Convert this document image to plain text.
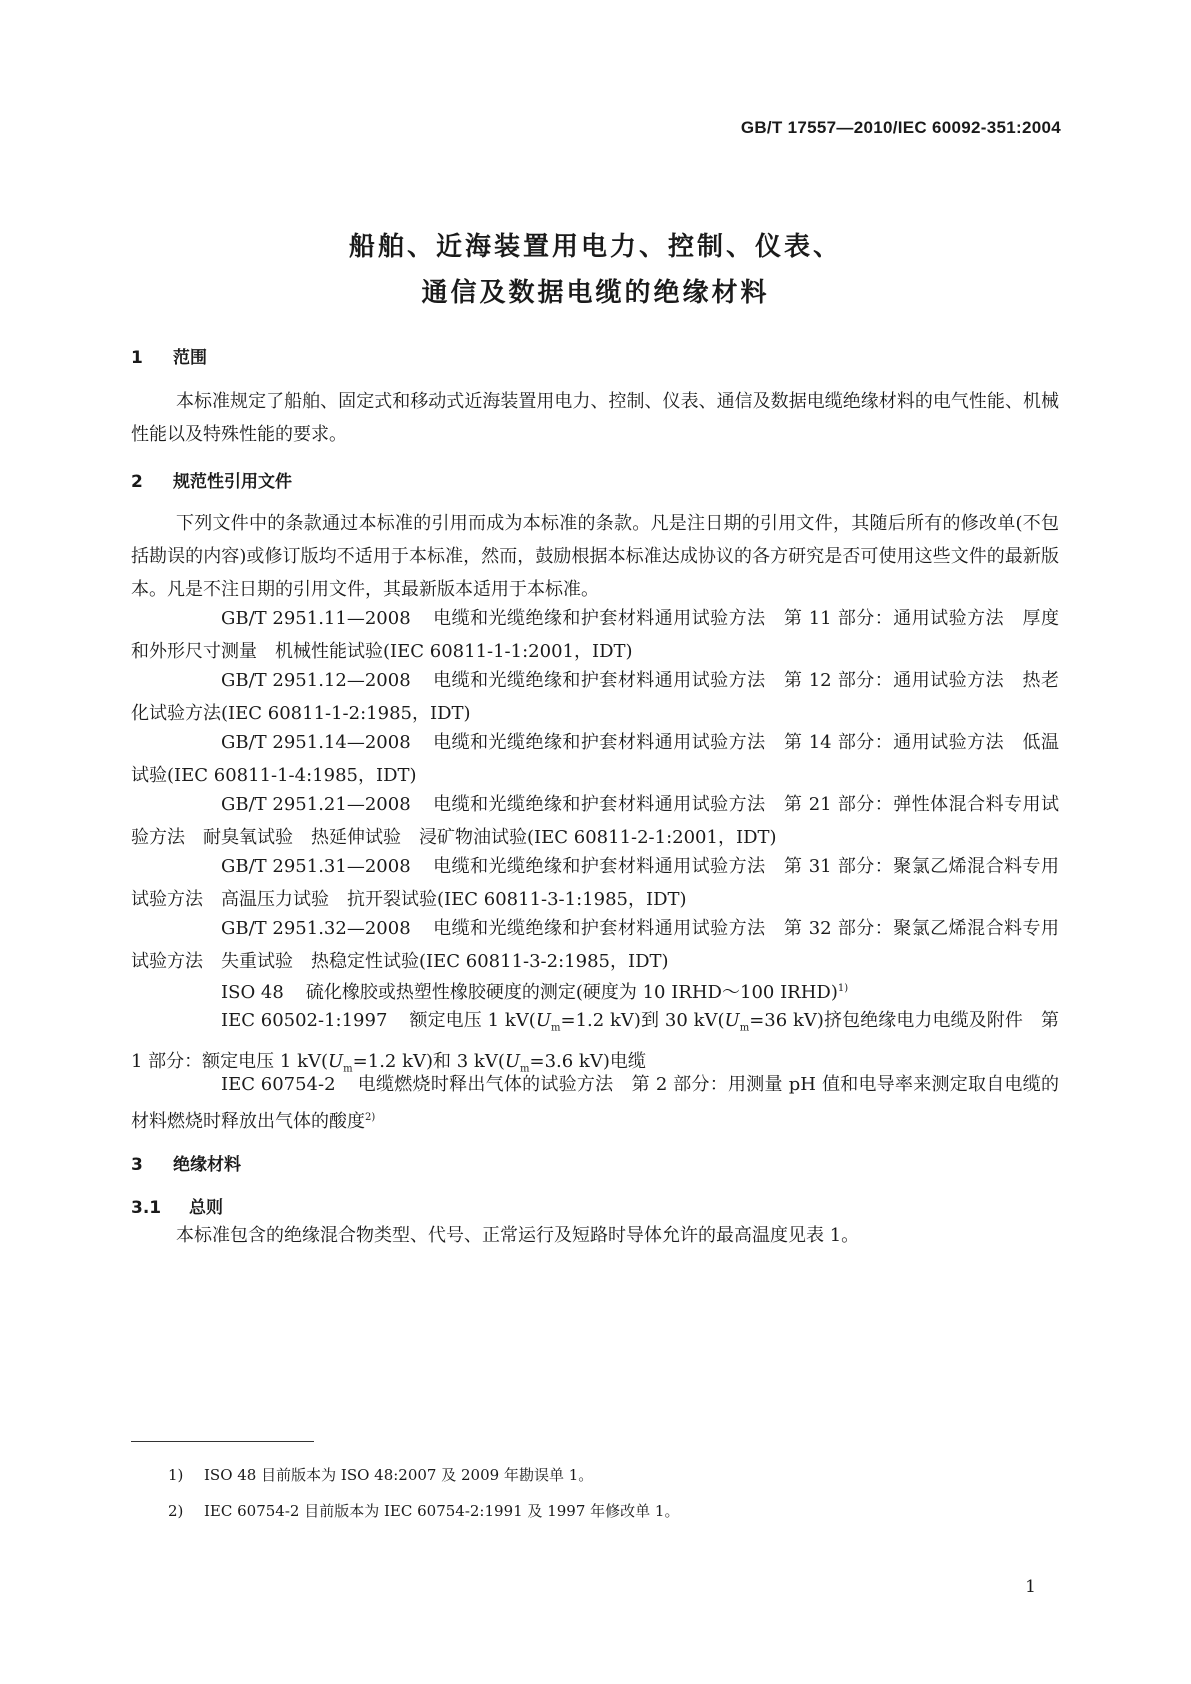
GB/T 17557—2010/IEC 60092-351:2004
船舶、近海装置用电力、控制、仪表、
通信及数据电缆的绝缘材料
1 范围
本标准规定了船舶、固定式和移动式近海装置用电力、控制、仪表、通信及数据电缆绝缘材料的电气性能、机械性能以及特殊性能的要求。
2 规范性引用文件
下列文件中的条款通过本标准的引用而成为本标准的条款。凡是注日期的引用文件，其随后所有的修改单(不包括勘误的内容)或修订版均不适用于本标准，然而，鼓励根据本标准达成协议的各方研究是否可使用这些文件的最新版本。凡是不注日期的引用文件，其最新版本适用于本标准。
GB/T 2951.11—2008 电缆和光缆绝缘和护套材料通用试验方法　第 11 部分：通用试验方法　厚度和外形尺寸测量　机械性能试验(IEC 60811-1-1:2001，IDT)
GB/T 2951.12—2008 电缆和光缆绝缘和护套材料通用试验方法　第 12 部分：通用试验方法　热老化试验方法(IEC 60811-1-2:1985，IDT)
GB/T 2951.14—2008 电缆和光缆绝缘和护套材料通用试验方法　第 14 部分：通用试验方法　低温试验(IEC 60811-1-4:1985，IDT)
GB/T 2951.21—2008 电缆和光缆绝缘和护套材料通用试验方法　第 21 部分：弹性体混合料专用试验方法　耐臭氧试验　热延伸试验　浸矿物油试验(IEC 60811-2-1:2001，IDT)
GB/T 2951.31—2008 电缆和光缆绝缘和护套材料通用试验方法　第 31 部分：聚氯乙烯混合料专用试验方法　高温压力试验　抗开裂试验(IEC 60811-3-1:1985，IDT)
GB/T 2951.32—2008 电缆和光缆绝缘和护套材料通用试验方法　第 32 部分：聚氯乙烯混合料专用试验方法　失重试验　热稳定性试验(IEC 60811-3-2:1985，IDT)
ISO 48 硫化橡胶或热塑性橡胶硬度的测定(硬度为 10 IRHD～100 IRHD)$^{1)}$
IEC 60502-1:1997 额定电压 1 $kV(U_m=1.2$ kV)到 30 $kV(U_m=36$ kV)挤包绝缘电力电缆及附件　第 1 部分：额定电压 1 $kV(U_m=1.2$ kV)和 3 $kV(U_m=3.6$ kV)电缆
IEC 60754-2 电缆燃烧时释出气体的试验方法　第 2 部分：用测量 pH 值和电导率来测定取自电缆的材料燃烧时释放出气体的酸度$^{2)}$
3 绝缘材料
3.1 总则
本标准包含的绝缘混合物类型、代号、正常运行及短路时导体允许的最高温度见表 1。
1) ISO 48 目前版本为 ISO 48:2007 及 2009 年勘误单 1。
2) IEC 60754-2 目前版本为 IEC 60754-2:1991 及 1997 年修改单 1。
1
